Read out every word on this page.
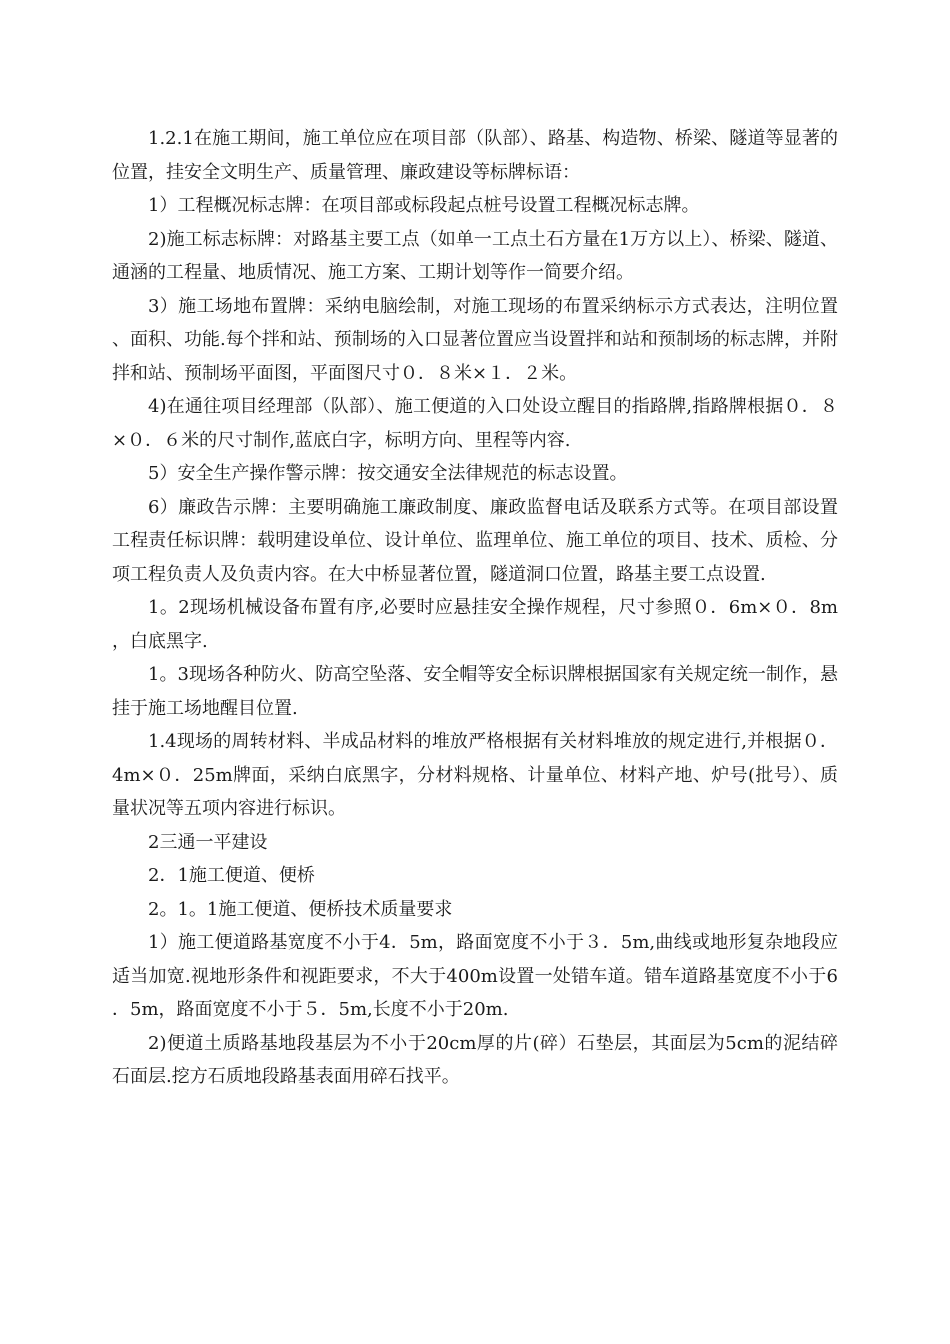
1.2.1在施工期间，施工单位应在项目部（队部）、路基、构造物、桥梁、隧道等显著的位置，挂安全文明生产、质量管理、廉政建设等标牌标语：

1）工程概况标志牌：在项目部或标段起点桩号设置工程概况标志牌。

2)施工标志标牌：对路基主要工点（如单一工点土石方量在1万方以上）、桥梁、隧道、通涵的工程量、地质情况、施工方案、工期计划等作一简要介绍。

3）施工场地布置牌：采纳电脑绘制，对施工现场的布置采纳标示方式表达，注明位置、面积、功能.每个拌和站、预制场的入口显著位置应当设置拌和站和预制场的标志牌，并附拌和站、预制场平面图，平面图尺寸０．８米×１．２米。

4)在通往项目经理部（队部）、施工便道的入口处设立醒目的指路牌,指路牌根据０．８×０．６米的尺寸制作,蓝底白字，标明方向、里程等内容.

5）安全生产操作警示牌：按交通安全法律规范的标志设置。

6）廉政告示牌：主要明确施工廉政制度、廉政监督电话及联系方式等。在项目部设置工程责任标识牌：载明建设单位、设计单位、监理单位、施工单位的项目、技术、质检、分项工程负责人及负责内容。在大中桥显著位置，隧道洞口位置，路基主要工点设置.

1。2现场机械设备布置有序,必要时应悬挂安全操作规程，尺寸参照０．6m×０．8m，白底黑字.

1。3现场各种防火、防高空坠落、安全帽等安全标识牌根据国家有关规定统一制作，悬挂于施工场地醒目位置.

1.4现场的周转材料、半成品材料的堆放严格根据有关材料堆放的规定进行,并根据０．4m×０．25m牌面，采纳白底黑字，分材料规格、计量单位、材料产地、炉号(批号）、质量状况等五项内容进行标识。

2三通一平建设

2．1施工便道、便桥

2。1。1施工便道、便桥技术质量要求

1）施工便道路基宽度不小于4．5m，路面宽度不小于３．5m,曲线或地形复杂地段应适当加宽.视地形条件和视距要求，不大于400m设置一处错车道。错车道路基宽度不小于6．5m，路面宽度不小于５．5m,长度不小于20m.

2)便道土质路基地段基层为不小于20cm厚的片(碎）石垫层，其面层为5cm的泥结碎石面层.挖方石质地段路基表面用碎石找平。
